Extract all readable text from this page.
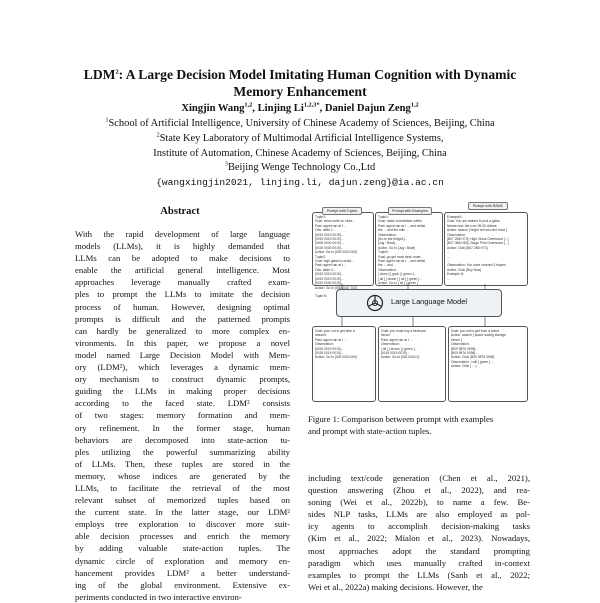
LDM$^2$: A Large Decision Model Imitating Human Cognition with Dynamic
Memory Enhancement
Xingjin Wang$^{1,2}$, Linjing $Li^{1,2,3*}$, Daniel Dajun Zeng$^{1,2}$
$^1$School of Artificial Intelligence, University of Chinese Academy of Sciences, Beijing, China
$^2$State Key Laboratory of Multimodal Artificial Intelligence Systems,
Institute of Automation, Chinese Academy of Sciences, Beijing, China
$^3$Beijing Wenge Technology Co.,Ltd
{wangxingjin2021, linjing.li, dajun.zeng}@ia.ac.cn
Abstract
With the rapid development of large language
models (LLMs), it is highly demanded that
LLMs can be adopted to make decisions to
enable the artificial general intelligence. Most
approaches leverage manually crafted exam-
ples to prompt the LLMs to imitate the decision
process of human. However, designing optimal
prompts is difficult and the patterned prompts
can hardly be generalized to more complex en-
vironments. In this paper, we propose a novel
model named Large Decision Model with Mem-
ory (LDM²), which leverages a dynamic mem-
ory mechanism to construct dynamic prompts,
guiding the LLMs in making proper decisions
according to the faced state. LDM² consists
of two stages: memory formation and mem-
ory refinement. In the former stage, human
behaviors are decomposed into state-action tu-
ples utilizing the powerful summarizing ability
of LLMs. Then, these tuples are stored in the
memory, whose indices are generated by the
LLMs, to facilitate the retrieval of the most
relevant subset of memorized tuples based on
the current state. In the latter stage, our LDM²
employs tree exploration to discover more suit-
able decision processes and enrich the memory
by adding valuable state-action tuples. The
dynamic circle of exploration and memory en-
hancement provides LDM² a better understand-
ing of the global environment. Extensive ex-
periments conducted in two interactive environ-
Tuple1:
Goal: clean knife on store...
Past: agent ran at t...
Obs: table 1...
[0019 0019 0019]...
[0019 0019 0019]...
[0000 0040 0010]...
[0019 0000 0019]...
Action: Go to [000 0004 000]
Tuple2:
Goal: high glass to avoid...
Past: agent ran at t...
Obs: table 4...
[0019 0019 0019]...
[0019 0019 0019]...
[0019 0000 0019]...
Action: Go to [000 0007 700]
...
Tuple N:
Prompt with Tuples
Tuple1:
Goal: make a breakfast coffee
Past: agent ran at t ... and whilst
the ... and the milk ...
Observation:
[Go to the fridge1]...
[Jug / Bowl]...
Action: Go to [Jug / Bowl]
Tuple2:
Goal: go get most desk order...
Past: agent ran at t ... and whilst
the ... and ...
Observation:
[ close ] [ grab ] [ green ]...
[ all ] [ closer ] [ all ] [ green ]...
Action: Go to [ all ] [ green ]
...
Prompt with Examples
Example1:
Goal: You are trained to pick a glass
Needs rest: the over 35.00 dollars
Action: search [ bright red sun-vire shoe ]
Observation:
[B07 2B8 H73], High Gloss Overboard [...]
[B07 3B6 H83], Stage Print Overboard [...]
Action: Click [B07 2B8 H73]
...
...
...
Observation: You have ordered 3 buyers
Action: Click [Buy Now]
Example N:
...
Prompt with RAMC
Large Language Model
Goal: your out to get time a
dessert
Past: agent ran at t ...
Observation:
[0019 0019 0019]...
[0019 0019 0019]...
Action: Go to [000 0004 000]
Goal: you must buy a bedroom
bench
Past: agent ran at t ...
Observation:
[ all ] [ brown ] [ green ]...
[0019 0019 0019]...
Action: Go to [000 0004 0]
Goal: you out to get from a sheet
Action: search [ space saving storage
bench ]
Observation:
[B09 9876 0098]...
[B09 9876 0098]...
Action: Click [B09 9876 0098]
Observation: I will [ green ] ...
Action: Click [ ... ]
Figure 1: Comparison between prompt with examples
and prompt with state-action tuples.
including text/code generation (Chen et al., 2021),
question answering (Zhou et al., 2022), and rea-
soning (Wei et al., 2022b), to name a few. Be-
sides NLP tasks, LLMs are also employed as pol-
icy agents to accomplish decision-making tasks
(Kim et al., 2022; Mialon et al., 2023). Nowadays,
most approaches adopt the standard prompting
paradigm which uses manually crafted in-context
examples to prompt the LLMs (Sanh et al., 2022;
Wei et al., 2022a) making decisions. However, the
